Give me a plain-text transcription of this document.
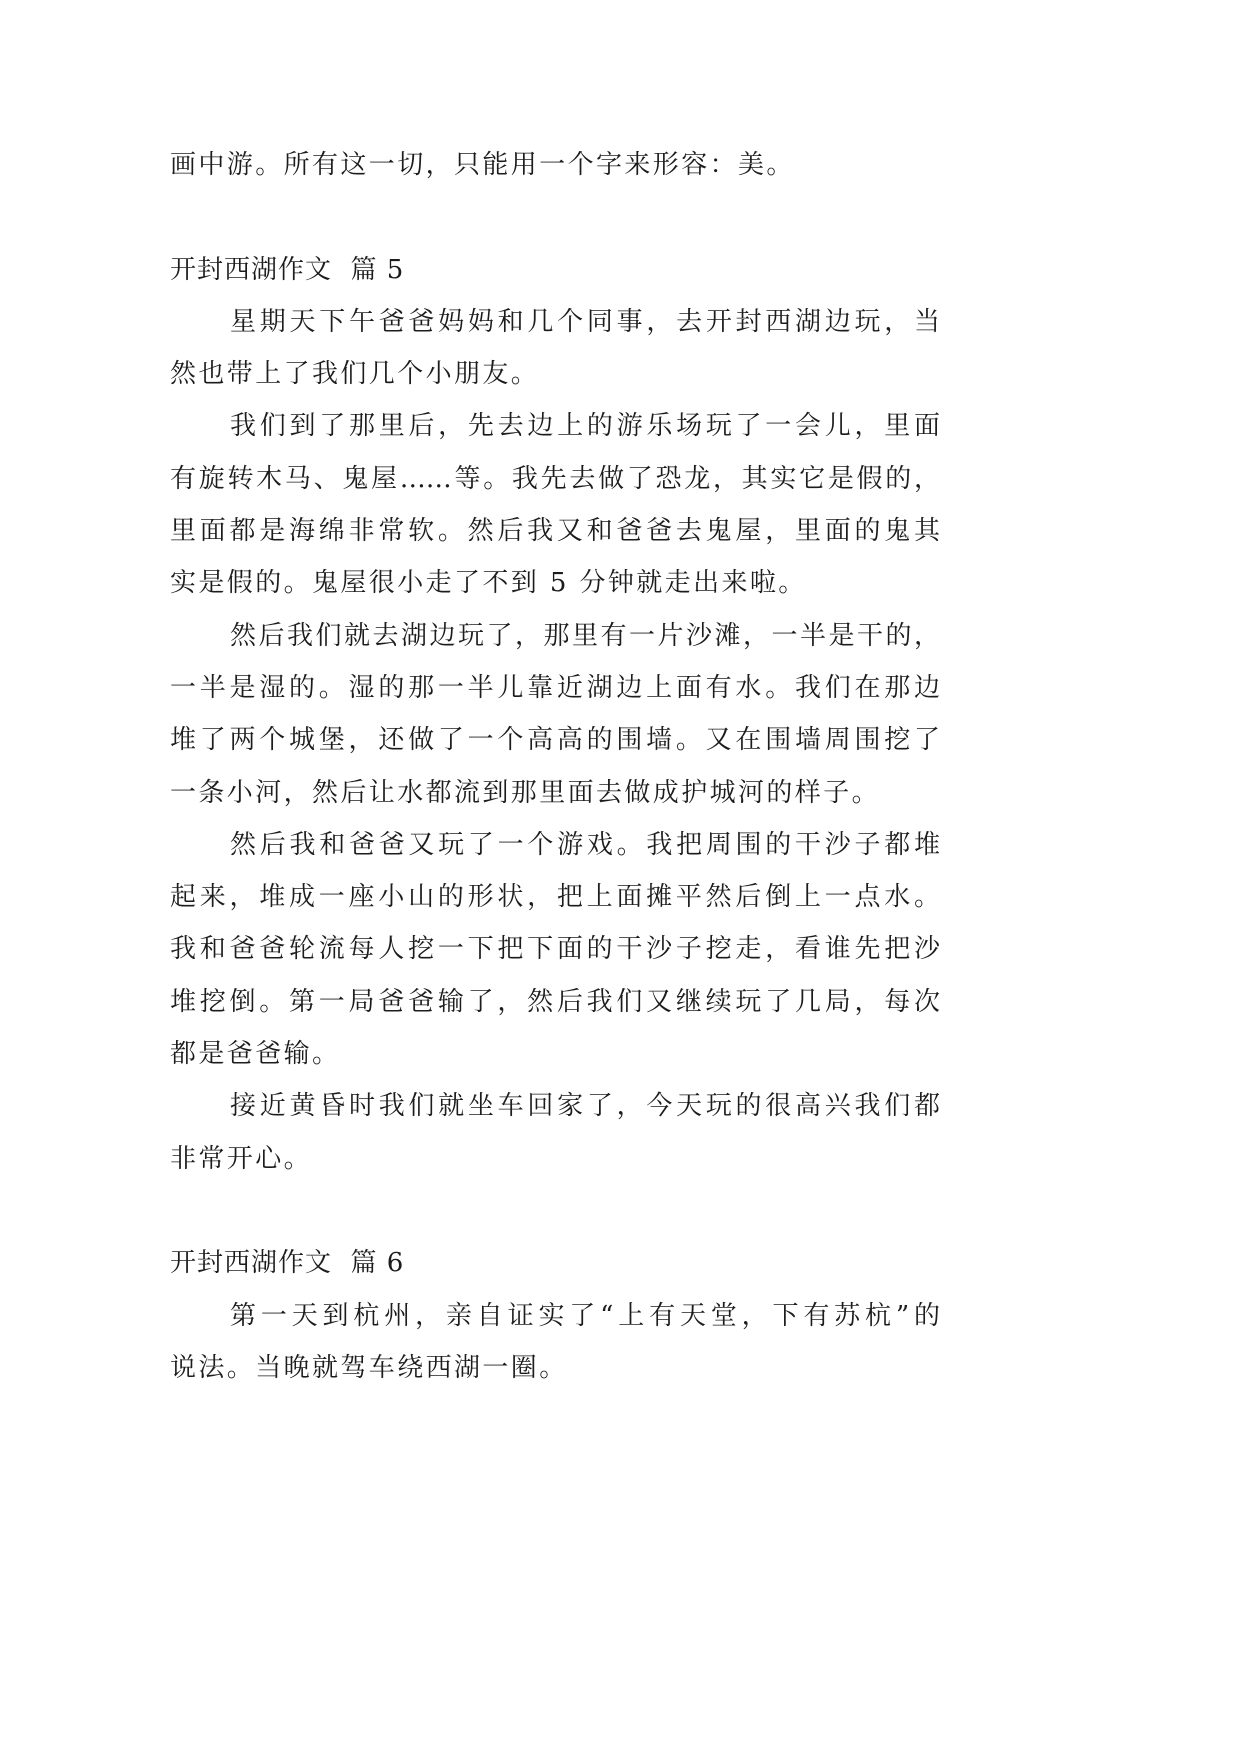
画中游。所有这一切，只能用一个字来形容：美。
开封西湖作文  篇 5
星期天下午爸爸妈妈和几个同事，去开封西湖边玩，当
然也带上了我们几个小朋友。
我们到了那里后，先去边上的游乐场玩了一会儿，里面
有旋转木马、鬼屋……等。我先去做了恐龙，其实它是假的，
里面都是海绵非常软。然后我又和爸爸去鬼屋，里面的鬼其
实是假的。鬼屋很小走了不到 5 分钟就走出来啦。
然后我们就去湖边玩了，那里有一片沙滩，一半是干的，
一半是湿的。湿的那一半儿靠近湖边上面有水。我们在那边
堆了两个城堡，还做了一个高高的围墙。又在围墙周围挖了
一条小河，然后让水都流到那里面去做成护城河的样子。
然后我和爸爸又玩了一个游戏。我把周围的干沙子都堆
起来，堆成一座小山的形状，把上面摊平然后倒上一点水。
我和爸爸轮流每人挖一下把下面的干沙子挖走，看谁先把沙
堆挖倒。第一局爸爸输了，然后我们又继续玩了几局，每次
都是爸爸输。
接近黄昏时我们就坐车回家了，今天玩的很高兴我们都
非常开心。
开封西湖作文  篇 6
第一天到杭州，亲自证实了“上有天堂，下有苏杭”的
说法。当晚就驾车绕西湖一圈。
